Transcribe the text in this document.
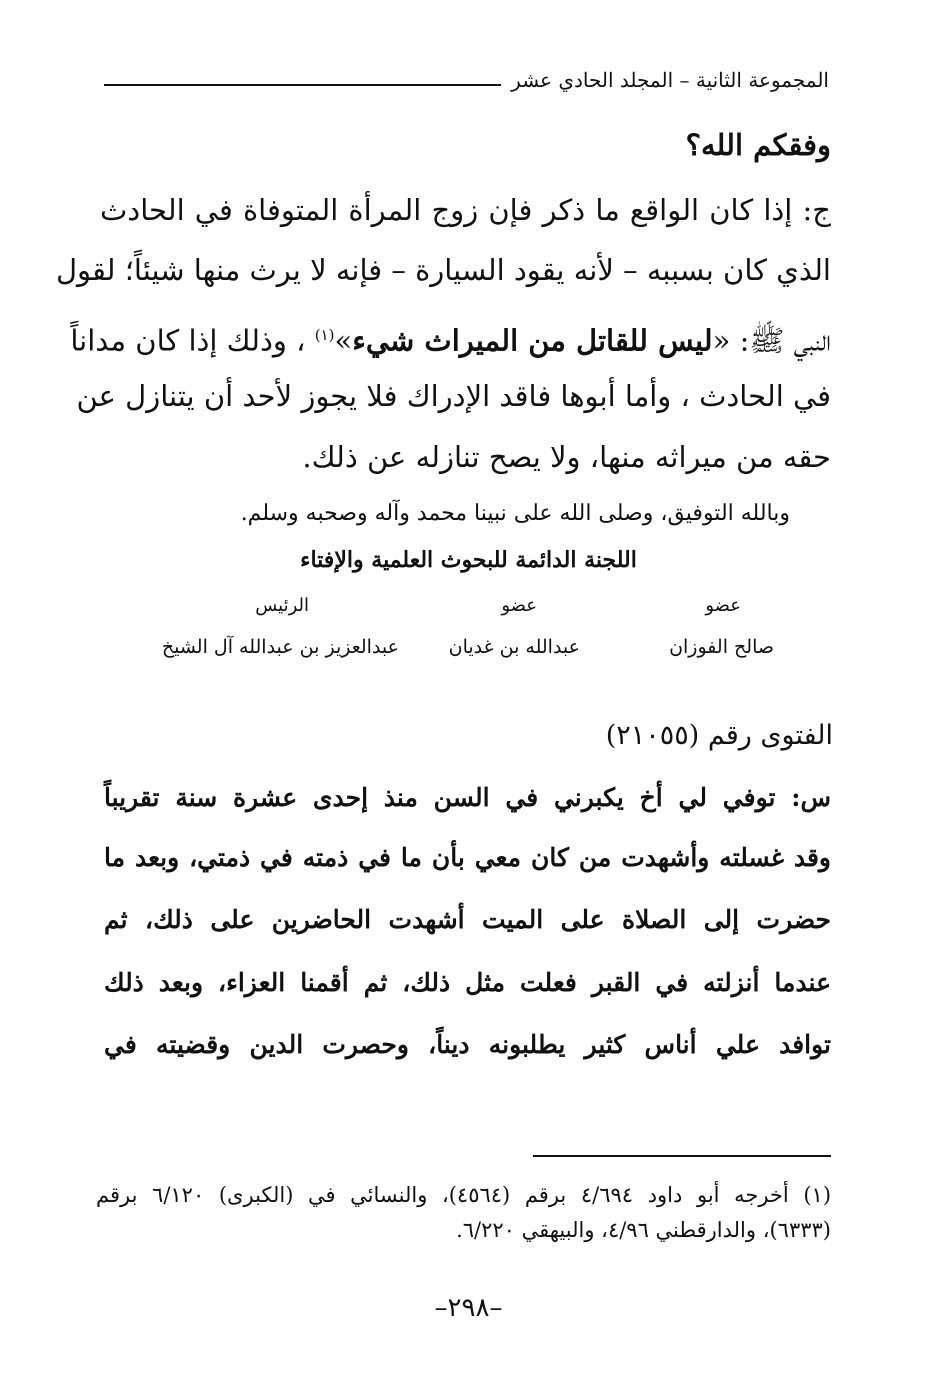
المجموعة الثانية – المجلد الحادي عشر
وفقكم الله؟
ج: إذا كان الواقع ما ذكر فإن زوج المرأة المتوفاة في الحادث
الذي كان بسببه – لأنه يقود السيارة – فإنه لا يرث منها شيئاً؛ لقول
النبي ﷺ: «ليس للقاتل من الميراث شيء»$^{(١)}$ ، وذلك إذا كان مداناً
في الحادث ، وأما أبوها فاقد الإدراك فلا يجوز لأحد أن يتنازل عن
حقه من ميراثه منها، ولا يصح تنازله عن ذلك.
وبالله التوفيق، وصلى الله على نبينا محمد وآله وصحبه وسلم.
اللجنة الدائمة للبحوث العلمية والإفتاء
عضو
عضو
الرئيس
صالح الفوزان
عبدالله بن غديان
عبدالعزيز بن عبدالله آل الشيخ
الفتوى رقم (٢١٠٥٥)
س: توفي لي أخ يكبرني في السن منذ إحدى عشرة سنة تقريباً
وقد غسلته وأشهدت من كان معي بأن ما في ذمته في ذمتي، وبعد ما
حضرت إلى الصلاة على الميت أشهدت الحاضرين على ذلك، ثم
عندما أنزلته في القبر فعلت مثل ذلك، ثم أقمنا العزاء، وبعد ذلك
توافد علي أناس كثير يطلبونه ديناً، وحصرت الدين وقضيته في
(١) أخرجه أبو داود ٤/٦٩٤ برقم (٤٥٦٤)، والنسائي في (الكبرى) ٦/١٢٠ برقم
(٦٣٣٣)، والدارقطني ٤/٩٦، والبيهقي ٦/٢٢٠.
–٢٩٨–
